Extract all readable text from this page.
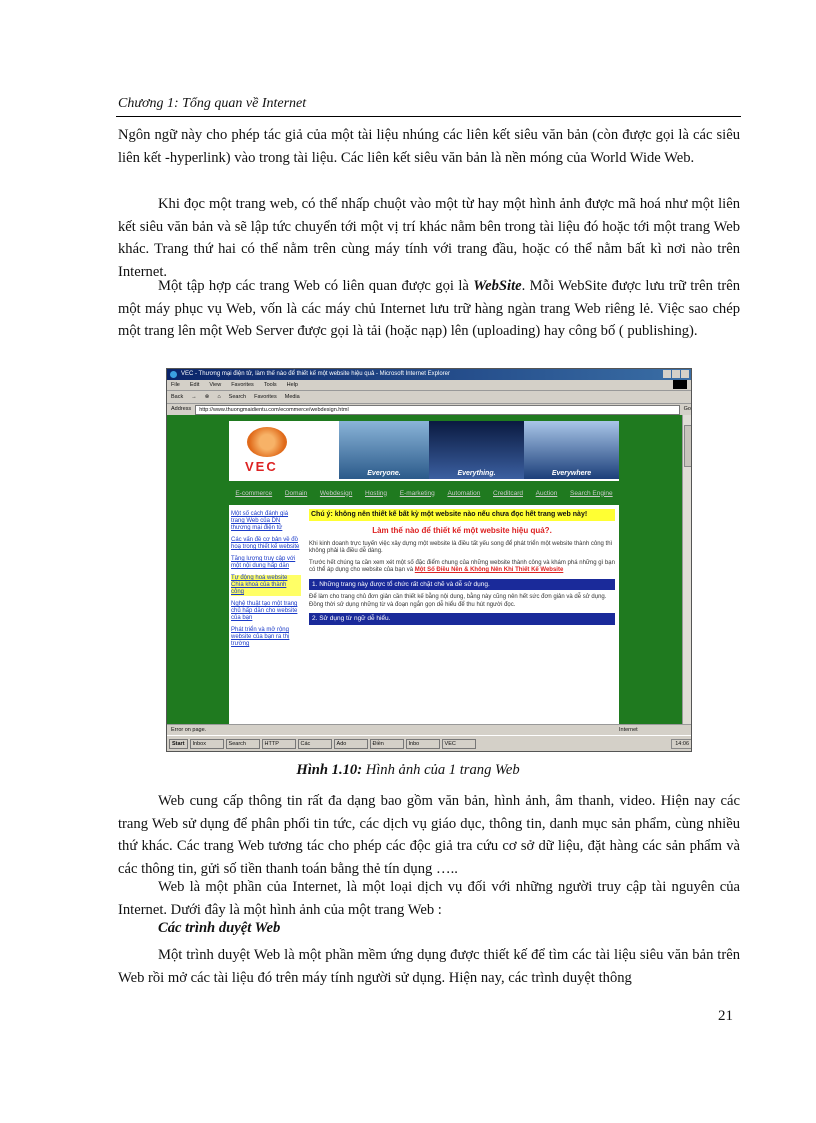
Chương 1: Tổng quan về Internet

Ngôn ngữ này cho phép tác giả của một tài liệu nhúng các liên kết siêu văn bản (còn được gọi là các siêu liên kết -hyperlink) vào trong tài liệu. Các liên kết siêu văn bản là nền móng của World Wide Web.

Khi đọc một trang web, có thể nhấp chuột vào một từ hay một hình ảnh được mã hoá như một liên kết siêu văn bản và sẽ lập tức chuyển tới một vị trí khác nằm bên trong tài liệu đó hoặc tới một trang Web khác. Trang thứ hai có thể nằm trên cùng máy tính với trang đầu, hoặc có thể nằm bất kì nơi nào trên Internet.

Một tập hợp các trang Web có liên quan được gọi là WebSite. Mỗi WebSite được lưu trữ trên trên một máy phục vụ Web, vốn là các máy chủ Internet lưu trữ hàng ngàn trang Web riêng lẻ. Việc sao chép một trang lên một Web Server được gọi là tải (hoặc nạp) lên (uploading) hay công bố ( publishing).

VEC - Thương mại điện tử, làm thế nào để thiết kế một website hiệu quả - Microsoft Internet Explorer
File Edit View Favorites Tools Help
Back → ⊗ ⌂ Search Favorites Media
Address	http://www.thuongmaidientu.com/ecommerce/webdesign.html	Go
VEC	Everyone.	Everything.	Everywhere
E-commerce Domain Webdesign Hosting E-marketing Automation Creditcard Auction Search Engine
Một số cách đánh giá trang Web của DN thương mại điện tử
Các vấn đề cơ bản về đồ hoạ trong thiết kế website
Tăng lượng truy cập với một nội dung hấp dẫn
Tự động hoá website Chìa khoá của thành công
Nghệ thuật tạo một trang chủ hấp dẫn cho website của bạn
Phát triển và mở rộng website của bạn ra thị trường
Chú ý: không nên thiết kế bất kỳ một website nào nếu chưa đọc hết trang web này!
Làm thế nào để thiết kế một website hiệu quả?.

Khi kinh doanh trực tuyến việc xây dựng một website là điều tất yếu song để phát triển một website thành công thì không phải là điều dễ dàng.

Trước hết chúng ta cần xem xét một số đặc điểm chung của những website thành công và khám phá những gì bạn có thể áp dụng cho website của bạn và Một Số Điều Nên & Không Nên Khi Thiết Kế Website

1. Những trang này được tổ chức rất chặt chẽ và dễ sử dụng.

Để làm cho trang chủ đơn giản cần thiết kế bằng nội dung, bằng này cũng nên hết sức đơn giản và dễ sử dụng. Đồng thời sử dụng những từ và đoạn ngắn gọn dễ hiểu để thu hút người đọc.

2. Sử dụng từ ngữ dễ hiểu.
Error on page.	Internet
Start	Inbox	Search	HTTP	Các	Ado	Điền	Inbo	VEC	14:06
Hình 1.10: Hình ảnh của 1 trang Web

Web cung cấp thông tin rất đa dạng bao gồm văn bản, hình ảnh, âm thanh, video. Hiện nay các trang Web sử dụng để phân phối tin tức, các dịch vụ giáo dục, thông tin, danh mục sản phẩm, cùng nhiều thứ khác. Các trang Web tương tác cho phép các độc giả tra cứu cơ sở dữ liệu, đặt hàng các sản phẩm và các thông tin, gửi số tiền thanh toán bằng thẻ tín dụng …..

Web là một phần của Internet, là một loại dịch vụ đối với những người truy cập tài nguyên của Internet. Dưới đây là một hình ảnh của một trang Web :

Các trình duyệt Web

Một trình duyệt Web là một phần mềm ứng dụng được thiết kế để tìm các tài liệu siêu văn bản trên Web rồi mở các tài liệu đó trên máy tính người sử dụng. Hiện nay, các trình duyệt thông

21
